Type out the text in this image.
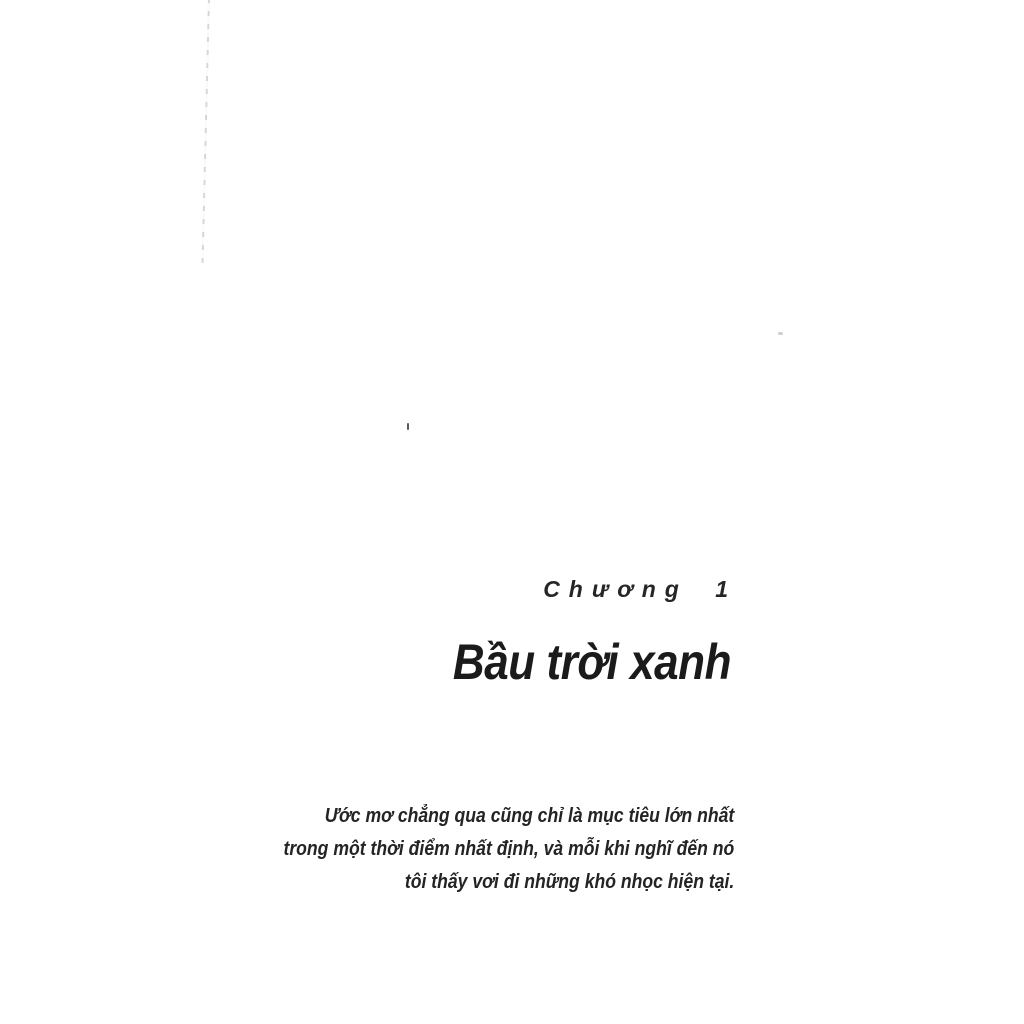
Chương 1
Bầu trời xanh
Ước mơ chẳng qua cũng chỉ là mục tiêu lớn nhất
trong một thời điểm nhất định, và mỗi khi nghĩ đến nó
tôi thấy vơi đi những khó nhọc hiện tại.
